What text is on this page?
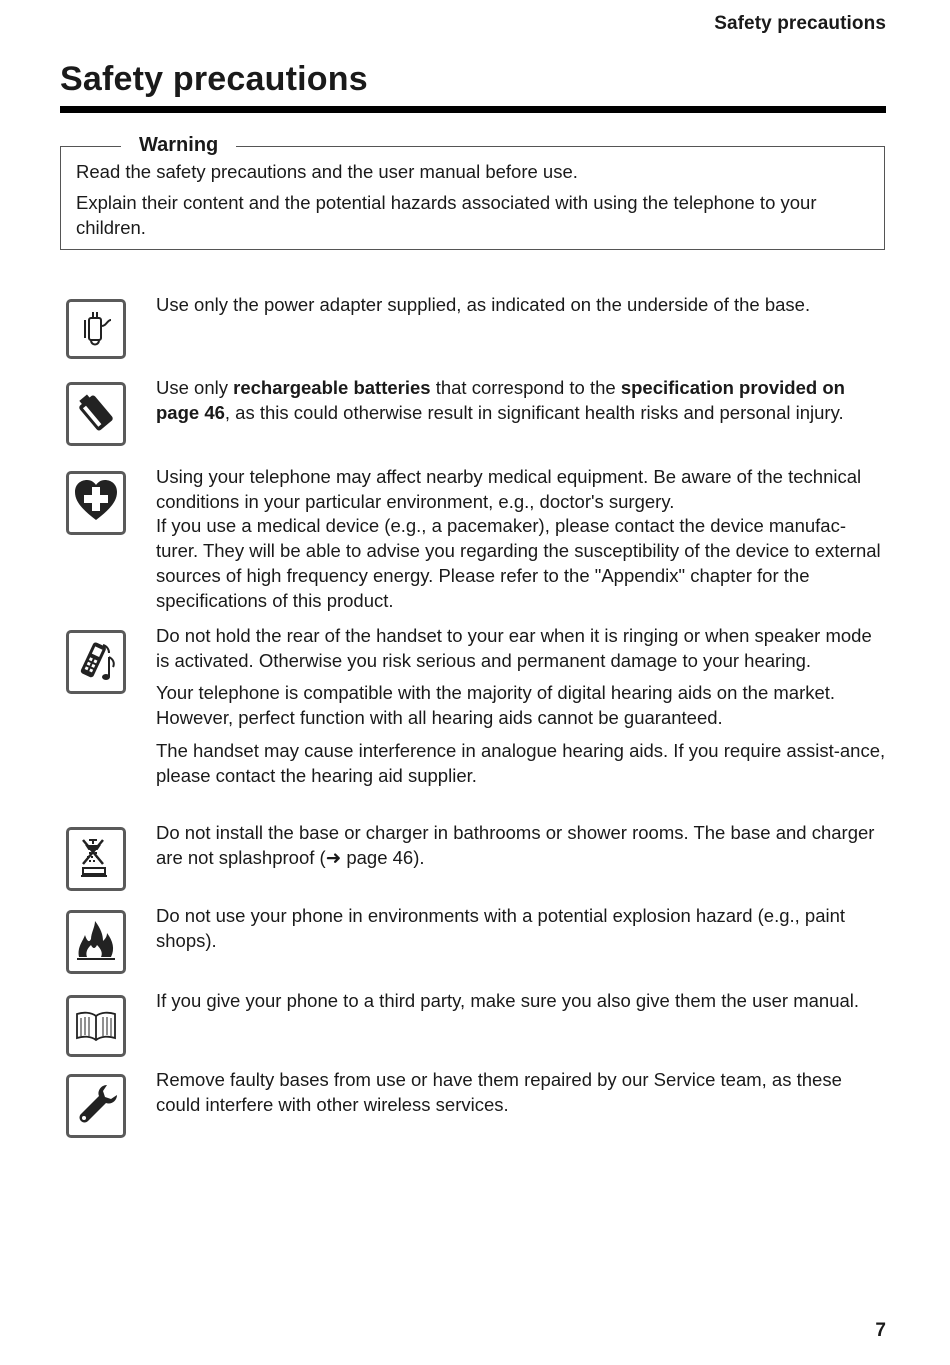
Safety precautions
Safety precautions
Warning

Read the safety precautions and the user manual before use.

Explain their content and the potential hazards associated with using the telephone to your children.

Use only the power adapter supplied, as indicated on the underside of the base.

Use only rechargeable batteries that correspond to the specification provided on page 46, as this could otherwise result in significant health risks and personal injury.

Using your telephone may affect nearby medical equipment. Be aware of the technical conditions in your particular environment, e.g., doctor's surgery.

If you use a medical device (e.g., a pacemaker), please contact the device manufac-turer. They will be able to advise you regarding the susceptibility of the device to external sources of high frequency energy. Please refer to the "Appendix" chapter for the specifications of this product.

Do not hold the rear of the handset to your ear when it is ringing or when speaker mode is activated. Otherwise you risk serious and permanent damage to your hearing.

Your telephone is compatible with the majority of digital hearing aids on the market. However, perfect function with all hearing aids cannot be guaranteed.

The handset may cause interference in analogue hearing aids. If you require assist-ance, please contact the hearing aid supplier.

Do not install the base or charger in bathrooms or shower rooms. The base and charger are not splashproof (➜ page 46).

Do not use your phone in environments with a potential explosion hazard (e.g., paint shops).

If you give your phone to a third party, make sure you also give them the user manual.

Remove faulty bases from use or have them repaired by our Service team, as these could interfere with other wireless services.

7
